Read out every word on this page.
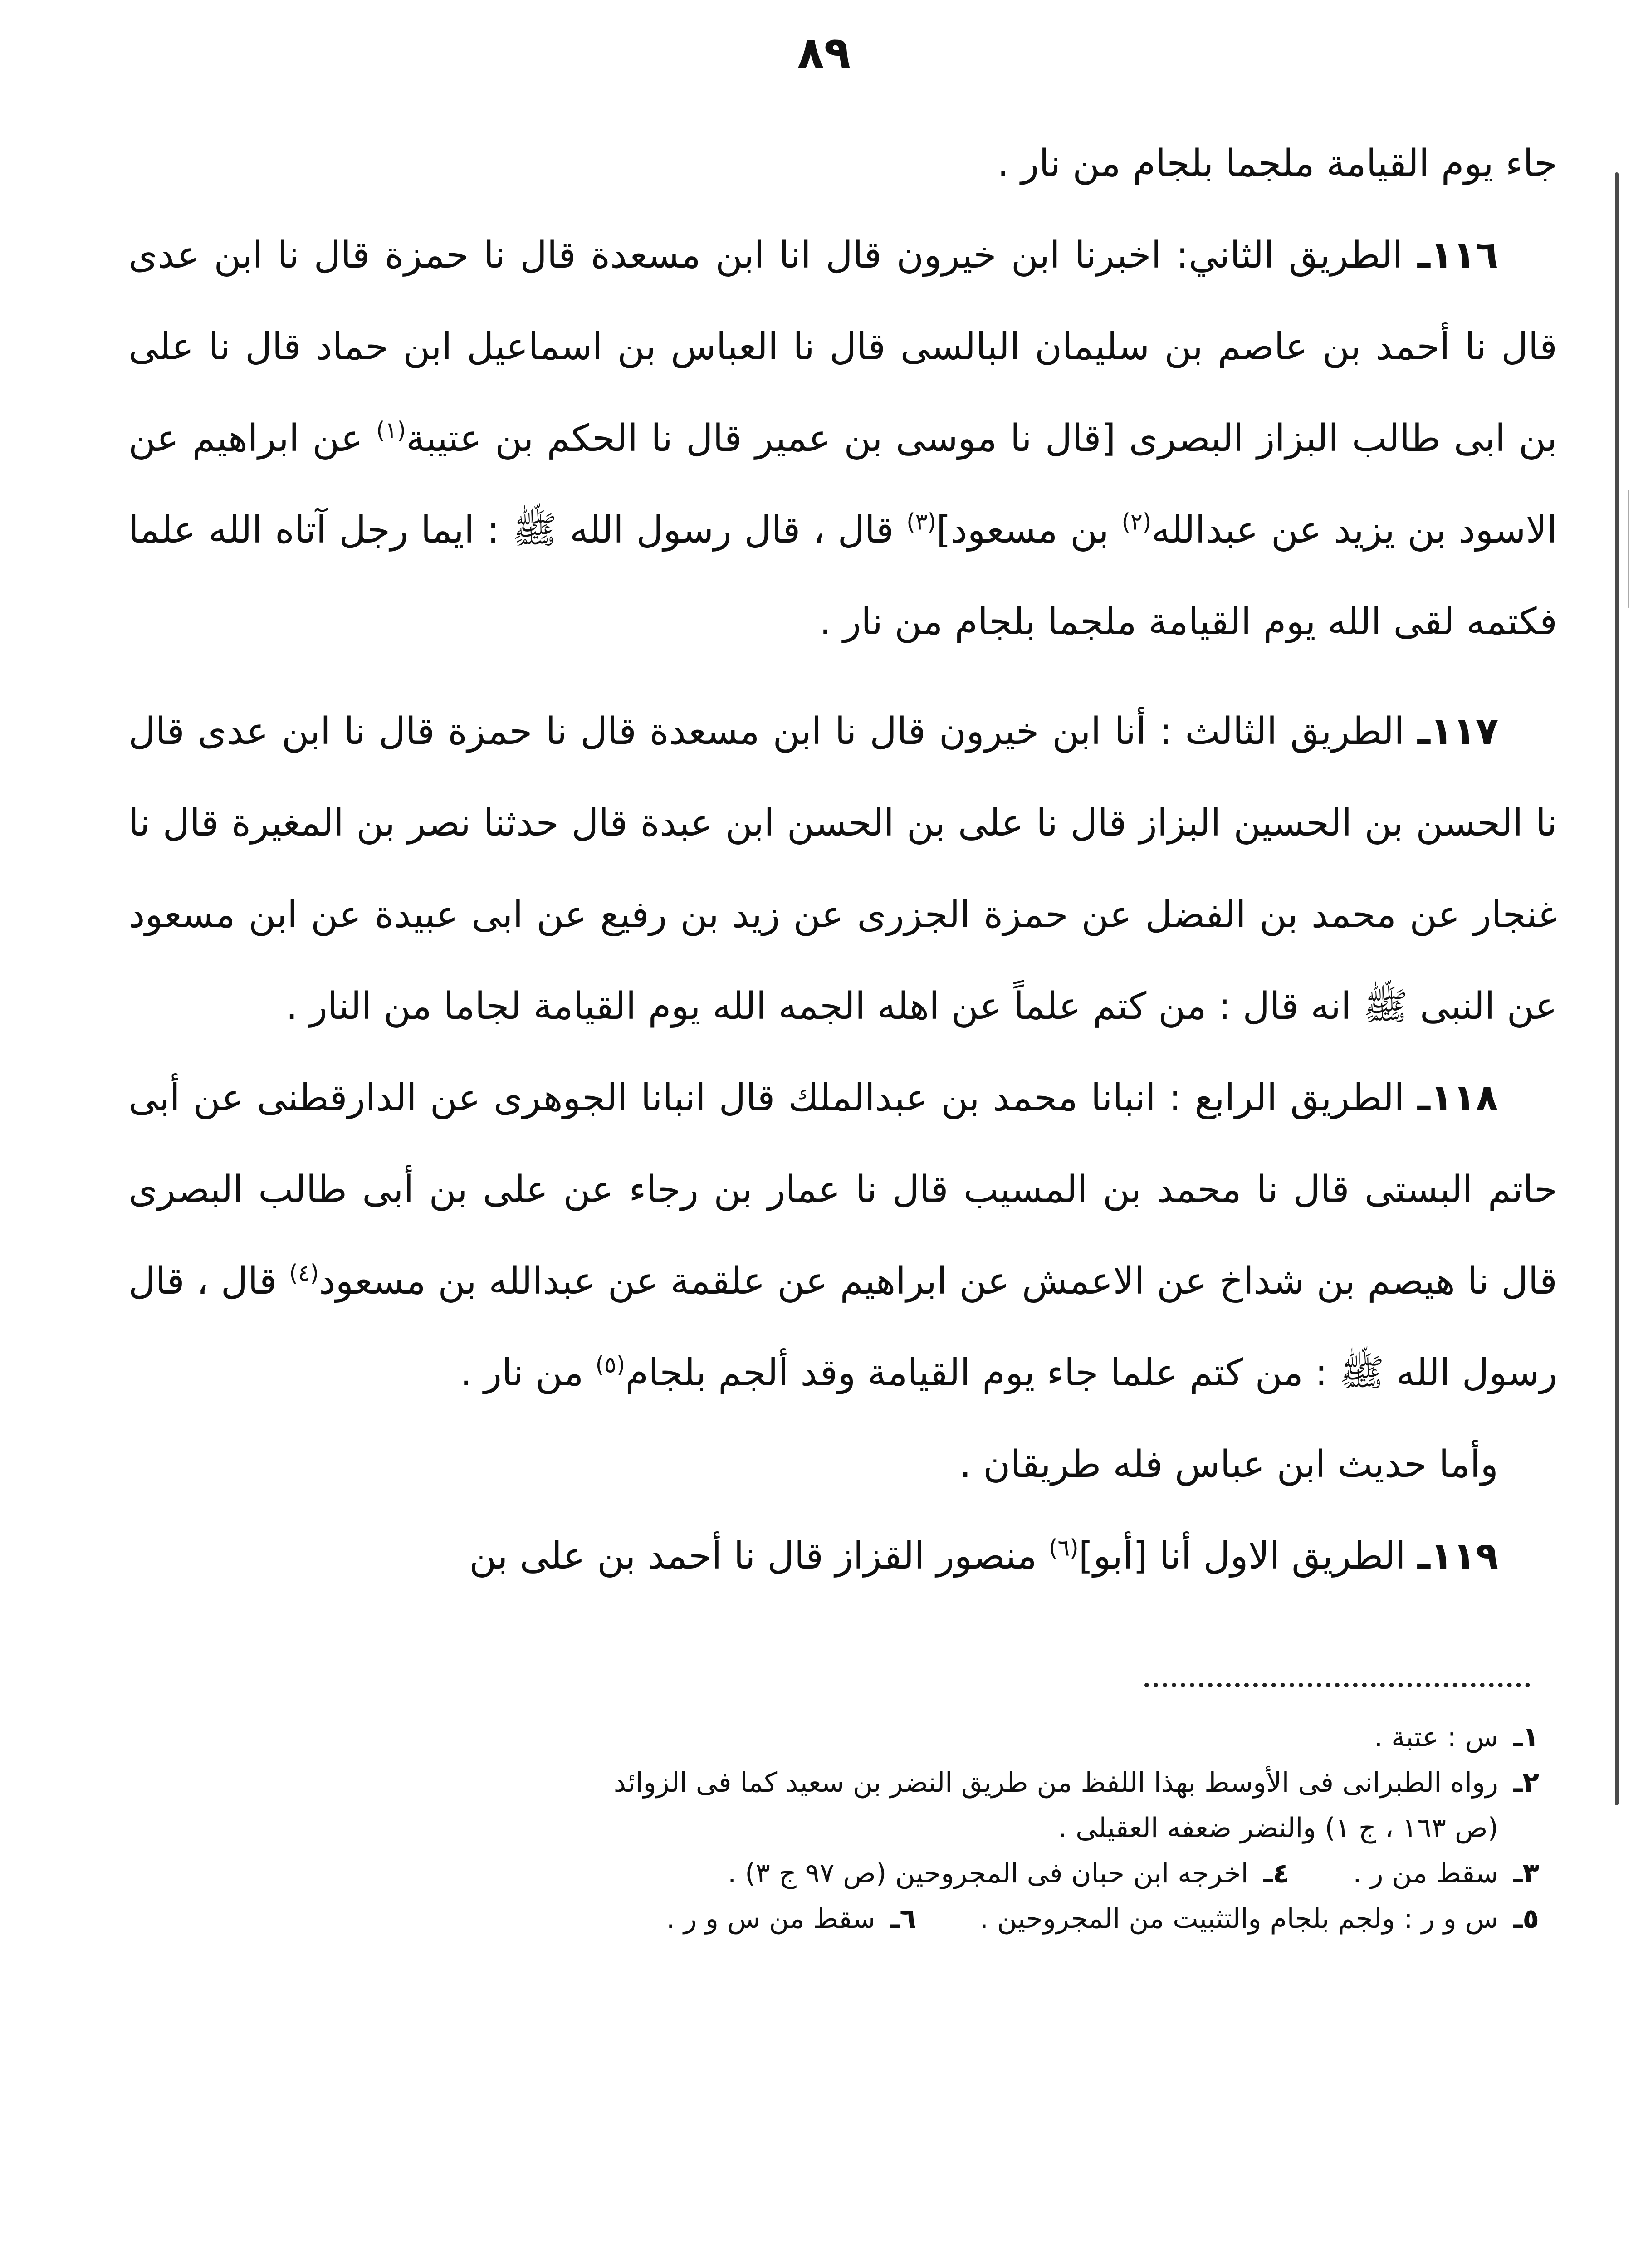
٨٩

جاء يوم القيامة ملجما بلجام من نار .

١١٦ـ الطريق الثاني: اخبرنا ابن خيرون قال انا ابن مسعدة قال نا حمزة قال نا ابن عدى قال نا أحمد بن عاصم بن سليمان البالسى قال نا العباس بن اسماعيل ابن حماد قال نا على بن ابى طالب البزاز البصرى [قال نا موسى بن عمير قال نا الحكم بن عتيبة$^{(١)}$ عن ابراهيم عن الاسود بن يزيد عن عبدالله$^{(٢)}$ بن مسعود]$^{(٣)}$ قال ، قال رسول الله ﷺ : ايما رجل آتاه الله علما فكتمه لقى الله يوم القيامة ملجما بلجام من نار .

١١٧ـ الطريق الثالث : أنا ابن خيرون قال نا ابن مسعدة قال نا حمزة قال نا ابن عدى قال نا الحسن بن الحسين البزاز قال نا على بن الحسن ابن عبدة قال حدثنا نصر بن المغيرة قال نا غنجار عن محمد بن الفضل عن حمزة الجزرى عن زيد بن رفيع عن ابى عبيدة عن ابن مسعود عن النبى ﷺ انه قال : من كتم علماً عن اهله الجمه الله يوم القيامة لجاما من النار .

١١٨ـ الطريق الرابع : انبانا محمد بن عبدالملك قال انبانا الجوهرى عن الدارقطنى عن أبى حاتم البستى قال نا محمد بن المسيب قال نا عمار بن رجاء عن على بن أبى طالب البصرى قال نا هيصم بن شداخ عن الاعمش عن ابراهيم عن علقمة عن عبدالله بن مسعود$^{(٤)}$ قال ، قال رسول الله ﷺ : من كتم علما جاء يوم القيامة وقد ألجم بلجام$^{(٥)}$ من نار .

وأما حديث ابن عباس فله طريقان .

١١٩ـ الطريق الاول أنا [أبو]$^{(٦)}$ منصور القزاز قال نا أحمد بن على بن

١ـ
س : عتبة .
٢ـ
رواه الطبرانى فى الأوسط بهذا اللفظ من طريق النضر بن سعيد كما فى الزوائد

(ص ١٦٣ ، ج ١) والنضر ضعفه العقيلى .

٣ـ
سقط من ر .
٤ـ
اخرجه ابن حبان فى المجروحين (ص ٩٧ ج ٣) .
٥ـ
س و ر : ولجم بلجام والتثبيت من المجروحين .
٦ـ
سقط من س و ر .
